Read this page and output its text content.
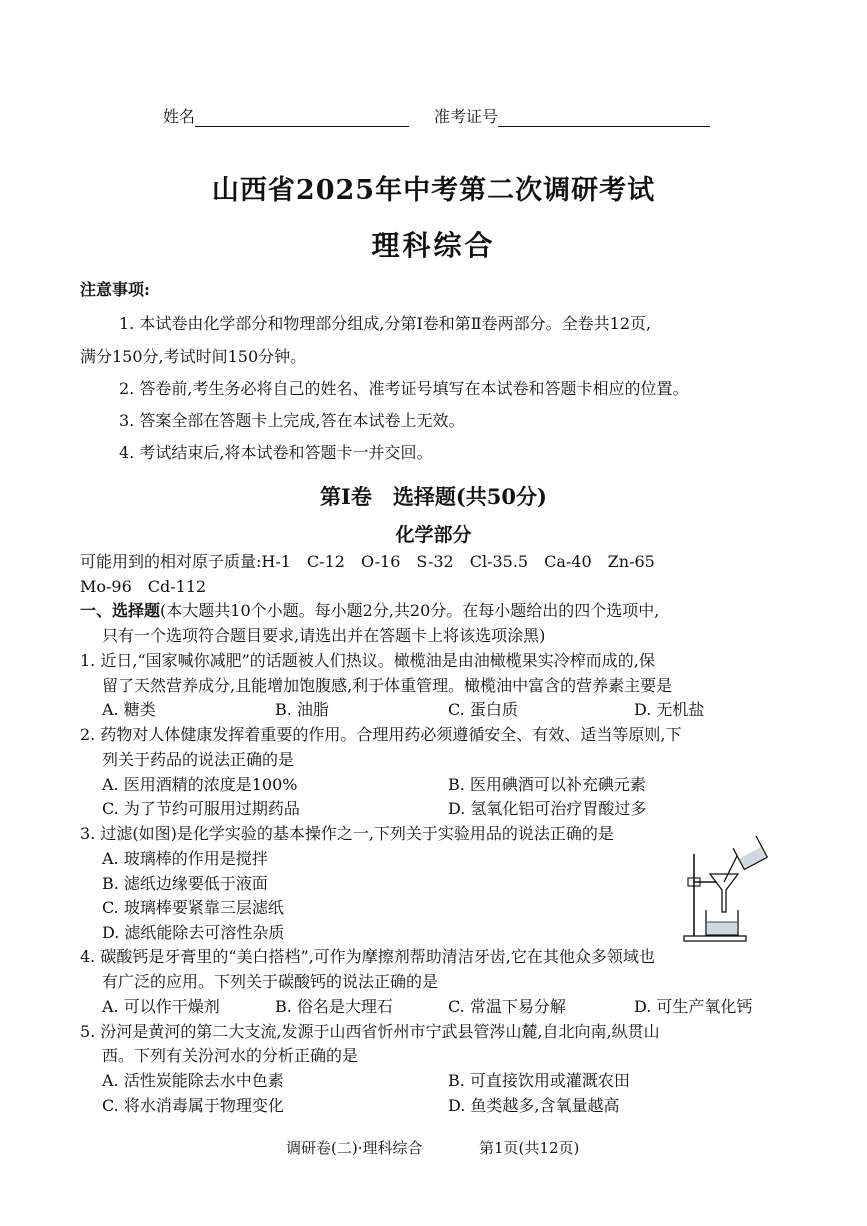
姓名	准考证号
山西省2025年中考第二次调研考试
理科综合
注意事项:
1. 本试卷由化学部分和物理部分组成,分第Ⅰ卷和第Ⅱ卷两部分。全卷共12页,
满分150分,考试时间150分钟。
2. 答卷前,考生务必将自己的姓名、准考证号填写在本试卷和答题卡相应的位置。
3. 答案全部在答题卡上完成,答在本试卷上无效。
4. 考试结束后,将本试卷和答题卡一并交回。
第Ⅰ卷　选择题(共50分)
化学部分
可能用到的相对原子质量:H-1　C-12　O-16　S-32　Cl-35.5　Ca-40　Zn-65
Mo-96　Cd-112
一、选择题(本大题共10个小题。每小题2分,共20分。在每小题给出的四个选项中,
只有一个选项符合题目要求,请选出并在答题卡上将该选项涂黑)
1. 近日,“国家喊你减肥”的话题被人们热议。橄榄油是由油橄榄果实冷榨而成的,保
留了天然营养成分,且能增加饱腹感,利于体重管理。橄榄油中富含的营养素主要是
A. 糖类	B. 油脂	C. 蛋白质	D. 无机盐
2. 药物对人体健康发挥着重要的作用。合理用药必须遵循安全、有效、适当等原则,下
列关于药品的说法正确的是
A. 医用酒精的浓度是100%	B. 医用碘酒可以补充碘元素
C. 为了节约可服用过期药品	D. 氢氧化铝可治疗胃酸过多
3. 过滤(如图)是化学实验的基本操作之一,下列关于实验用品的说法正确的是
A. 玻璃棒的作用是搅拌
B. 滤纸边缘要低于液面
C. 玻璃棒要紧靠三层滤纸
D. 滤纸能除去可溶性杂质
4. 碳酸钙是牙膏里的“美白搭档”,可作为摩擦剂帮助清洁牙齿,它在其他众多领域也
有广泛的应用。下列关于碳酸钙的说法正确的是
A. 可以作干燥剂	B. 俗名是大理石	C. 常温下易分解	D. 可生产氧化钙
5. 汾河是黄河的第二大支流,发源于山西省忻州市宁武县管涔山麓,自北向南,纵贯山
西。下列有关汾河水的分析正确的是
A. 活性炭能除去水中色素	B. 可直接饮用或灌溉农田
C. 将水消毒属于物理变化	D. 鱼类越多,含氧量越高
调研卷(二)·理科综合	第1页(共12页)
